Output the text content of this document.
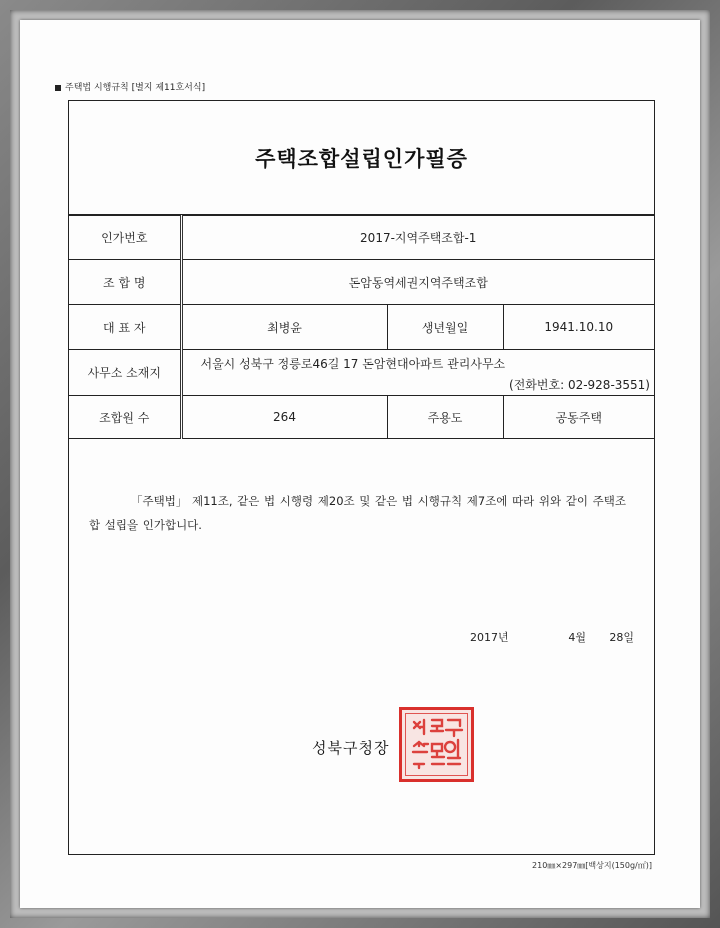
주택법 시행규칙 [별지 제11호서식]
주택조합설립인가필증
인가번호	2017-지역주택조합-1		
조 합 명	돈암동역세권지역주택조합		
대 표 자	최병윤	생년월일	1941.10.10
사무소 소재지	서울시 성북구 정릉로46길 17 돈암현대아파트 관리사무소
(전화번호: 02-928-3551)		

조합원 수	264	주용도	공동주택
「주택법」 제11조, 같은 법 시행령 제20조 및 같은 법 시행규칙 제7조에 따라 위와 같이 주택조합 설립을 인가합니다.
2017년	4월	28일
성북구청장
210㎜×297㎜[백상지(150g/㎡)]
